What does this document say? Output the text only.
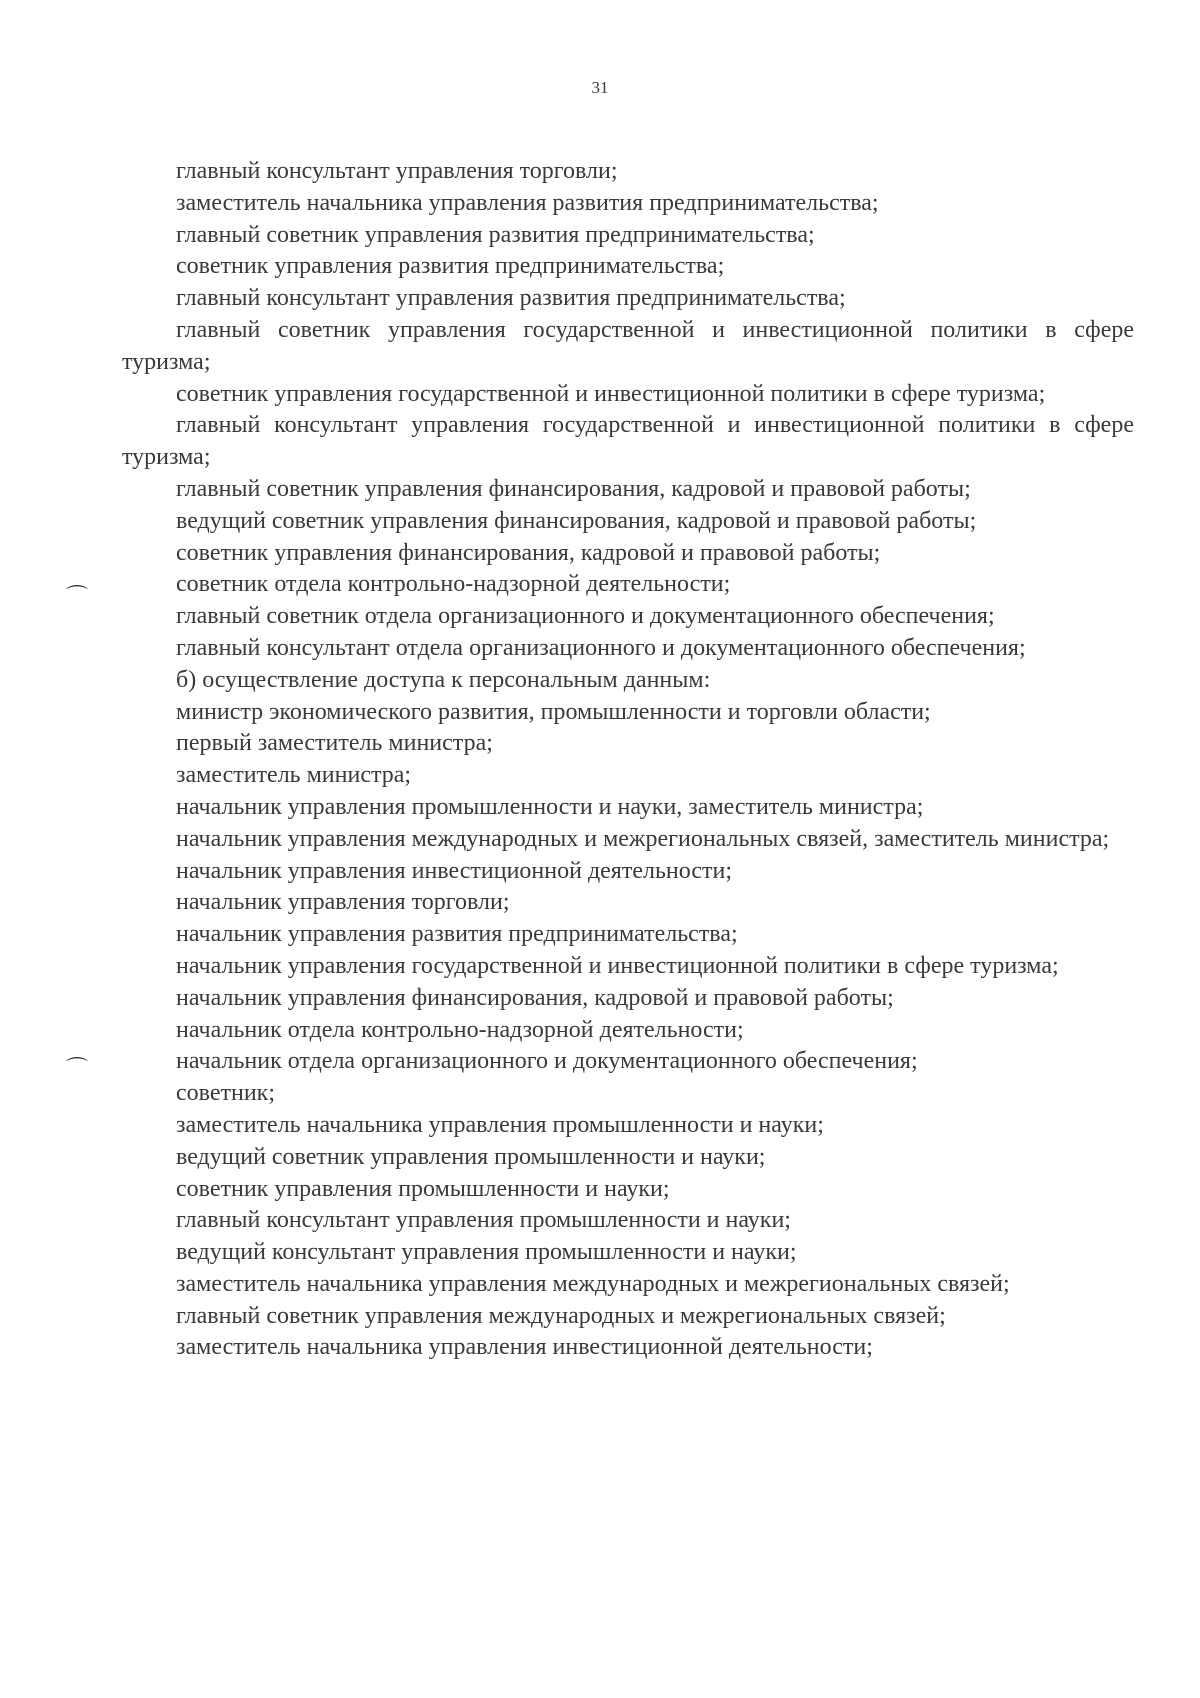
31
⌒
⌒

главный консультант управления торговли;

заместитель начальника управления развития предпринимательства;

главный советник управления развития предпринимательства;

советник управления развития предпринимательства;

главный консультант управления развития предпринимательства;

главный советник управления государственной и инвестиционной политики в сфере туризма;

советник управления государственной и инвестиционной политики в сфере туризма;

главный консультант управления государственной и инвестиционной политики в сфере туризма;

главный советник управления финансирования, кадровой и правовой работы;

ведущий советник управления финансирования, кадровой и правовой работы;

советник управления финансирования, кадровой и правовой работы;

советник отдела контрольно-надзорной деятельности;

главный советник отдела организационного и документационного обеспечения;

главный консультант отдела организационного и документационного обеспечения;

б) осуществление доступа к персональным данным:

министр экономического развития, промышленности и торговли области;

первый заместитель министра;

заместитель министра;

начальник управления промышленности и науки, заместитель министра;

начальник управления международных и межрегиональных связей, заместитель министра;

начальник управления инвестиционной деятельности;

начальник управления торговли;

начальник управления развития предпринимательства;

начальник управления государственной и инвестиционной политики в сфере туризма;

начальник управления финансирования, кадровой и правовой работы;

начальник отдела контрольно-надзорной деятельности;

начальник отдела организационного и документационного обеспечения;

советник;

заместитель начальника управления промышленности и науки;

ведущий советник управления промышленности и науки;

советник управления промышленности и науки;

главный консультант управления промышленности и науки;

ведущий консультант управления промышленности и науки;

заместитель начальника управления международных и межрегиональных связей;

главный советник управления международных и межрегиональных связей;

заместитель начальника управления инвестиционной деятельности;
